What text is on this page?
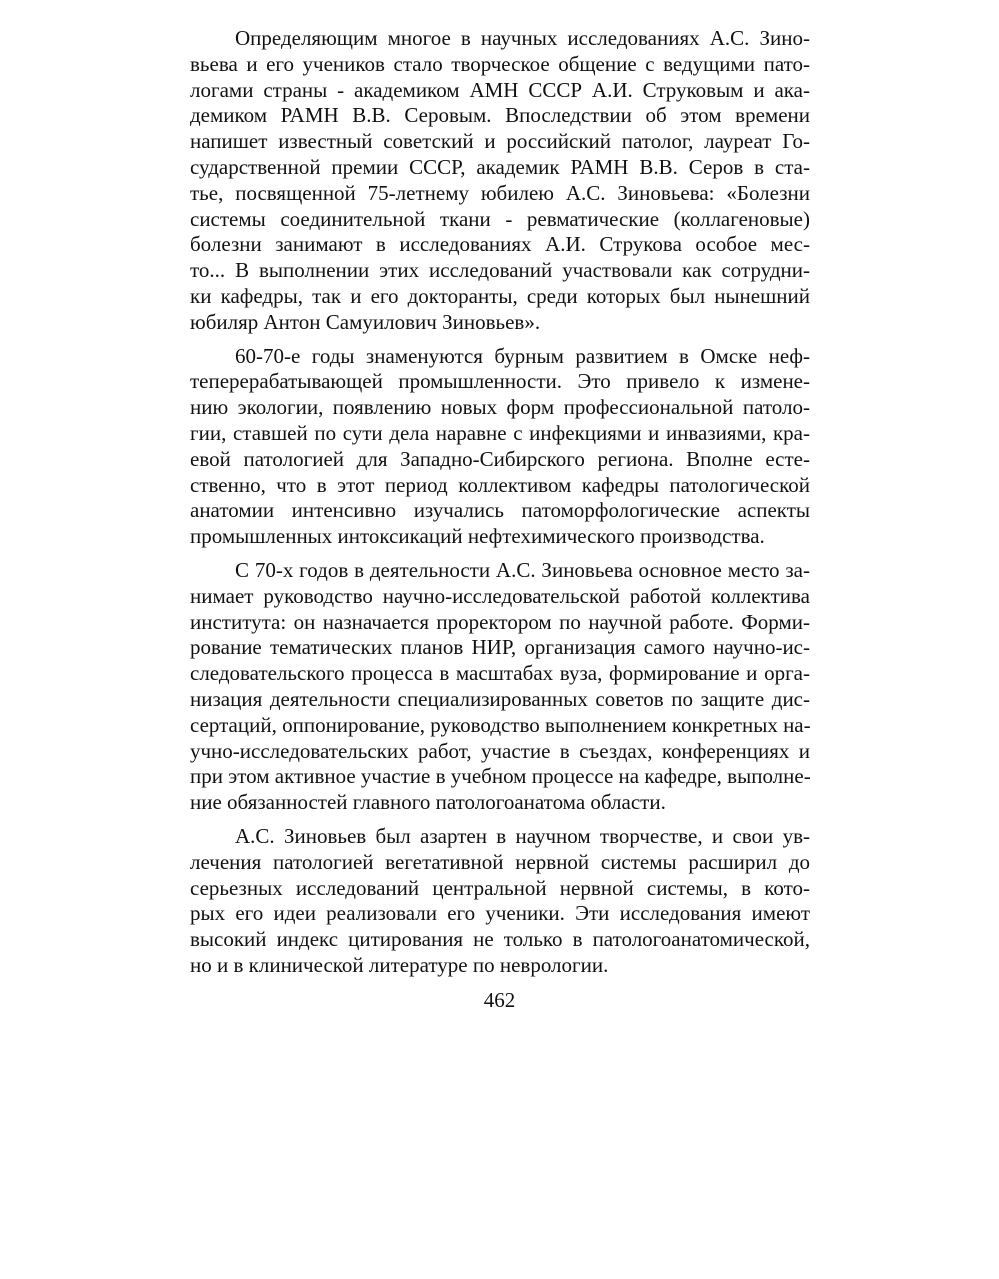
Определяющим многое в научных исследованиях А.С. Зино-
вьева и его учеников стало творческое общение с ведущими пато-
логами страны - академиком АМН СССР А.И. Струковым и ака-
демиком РАМН В.В. Серовым. Впоследствии об этом времени
напишет известный советский и российский патолог, лауреат Го-
сударственной премии СССР, академик РАМН В.В. Серов в ста-
тье, посвященной 75-летнему юбилею А.С. Зиновьева: «Болезни
системы соединительной ткани - ревматические (коллагеновые)
болезни занимают в исследованиях А.И. Струкова особое мес-
то... В выполнении этих исследований участвовали как сотрудни-
ки кафедры, так и его докторанты, среди которых был нынешний
юбиляр Антон Самуилович Зиновьев».
60-70-е годы знаменуются бурным развитием в Омске неф-
теперерабатывающей промышленности. Это привело к измене-
нию экологии, появлению новых форм профессиональной патоло-
гии, ставшей по сути дела наравне с инфекциями и инвазиями, кра-
евой патологией для Западно-Сибирского региона. Вполне есте-
ственно, что в этот период коллективом кафедры патологической
анатомии интенсивно изучались патоморфологические аспекты
промышленных интоксикаций нефтехимического производства.
С 70-х годов в деятельности А.С. Зиновьева основное место за-
нимает руководство научно-исследовательской работой коллектива
института: он назначается проректором по научной работе. Форми-
рование тематических планов НИР, организация самого научно-ис-
следовательского процесса в масштабах вуза, формирование и орга-
низация деятельности специализированных советов по защите дис-
сертаций, оппонирование, руководство выполнением конкретных на-
учно-исследовательских работ, участие в съездах, конференциях и
при этом активное участие в учебном процессе на кафедре, выполне-
ние обязанностей главного патологоанатома области.
А.С. Зиновьев был азартен в научном творчестве, и свои ув-
лечения патологией вегетативной нервной системы расширил до
серьезных исследований центральной нервной системы, в кото-
рых его идеи реализовали его ученики. Эти исследования имеют
высокий индекс цитирования не только в патологоанатомической,
но и в клинической литературе по неврологии.
462
